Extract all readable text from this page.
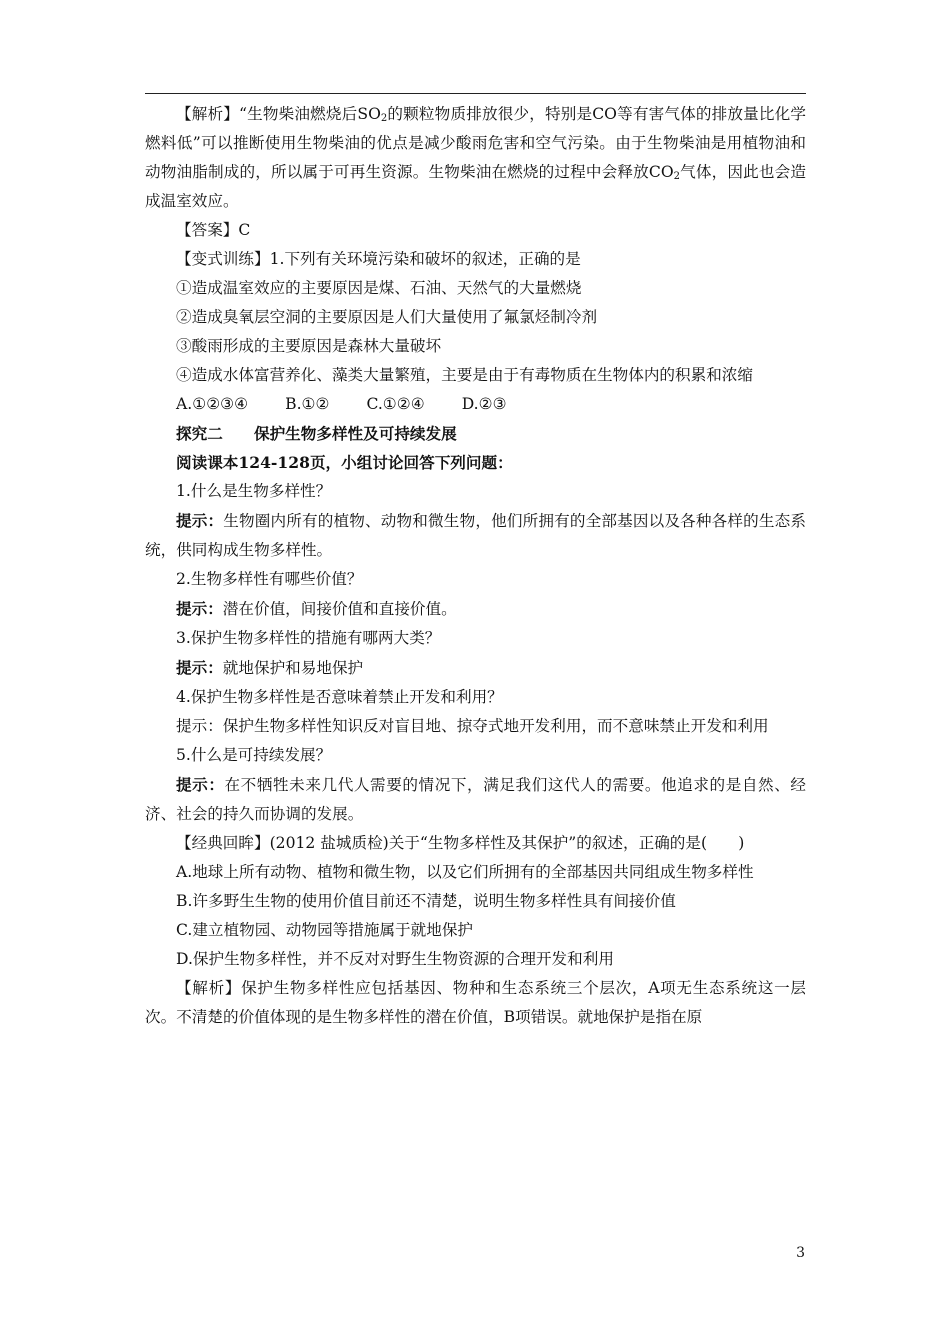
【解析】“生物柴油燃烧后$SO_2$的颗粒物质排放很少，特别是CO等有害气体的排放量比化学燃料低”可以推断使用生物柴油的优点是减少酸雨危害和空气污染。由于生物柴油是用植物油和动物油脂制成的，所以属于可再生资源。生物柴油在燃烧的过程中会释放$CO_2$气体，因此也会造成温室效应。

【答案】C

【变式训练】1.下列有关环境污染和破坏的叙述，正确的是

①造成温室效应的主要原因是煤、石油、天然气的大量燃烧

②造成臭氧层空洞的主要原因是人们大量使用了氟氯烃制冷剂

③酸雨形成的主要原因是森林大量破坏

④造成水体富营养化、藻类大量繁殖，主要是由于有毒物质在生物体内的积累和浓缩

A.①②③④ B.①② C.①②④ D.②③

探究二　　保护生物多样性及可持续发展

阅读课本124-128页，小组讨论回答下列问题：

1.什么是生物多样性？

提示：生物圈内所有的植物、动物和微生物，他们所拥有的全部基因以及各种各样的生态系统，供同构成生物多样性。

2.生物多样性有哪些价值？

提示：潜在价值，间接价值和直接价值。

3.保护生物多样性的措施有哪两大类？

提示：就地保护和易地保护

4.保护生物多样性是否意味着禁止开发和利用？

提示：保护生物多样性知识反对盲目地、掠夺式地开发利用，而不意味禁止开发和利用

5.什么是可持续发展？

提示：在不牺牲未来几代人需要的情况下，满足我们这代人的需要。他追求的是自然、经济、社会的持久而协调的发展。

【经典回眸】(2012 盐城质检)关于“生物多样性及其保护”的叙述，正确的是(　　)

A.地球上所有动物、植物和微生物，以及它们所拥有的全部基因共同组成生物多样性

B.许多野生生物的使用价值目前还不清楚，说明生物多样性具有间接价值

C.建立植物园、动物园等措施属于就地保护

D.保护生物多样性，并不反对对野生生物资源的合理开发和利用

【解析】保护生物多样性应包括基因、物种和生态系统三个层次，A项无生态系统这一层次。不清楚的价值体现的是生物多样性的潜在价值，B项错误。就地保护是指在原

3
